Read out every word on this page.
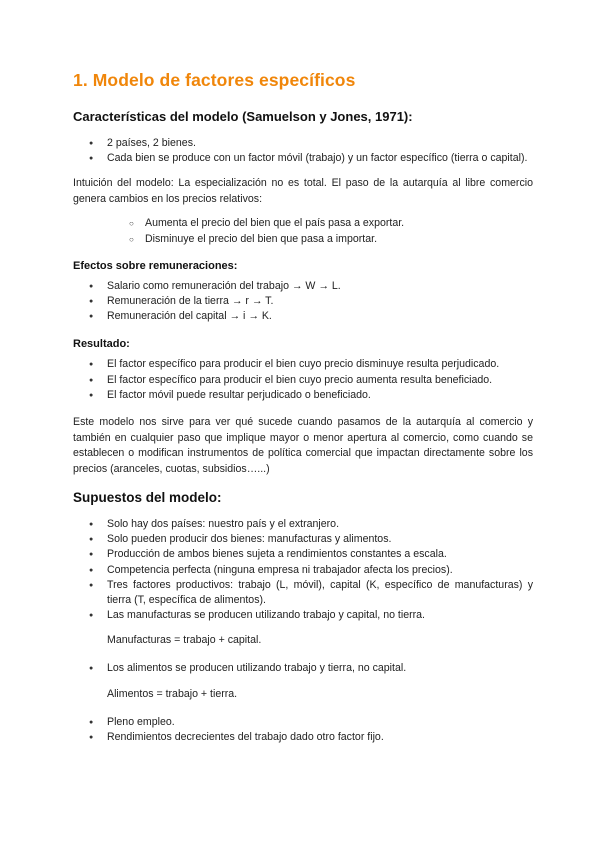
1. Modelo de factores específicos
Características del modelo (Samuelson y Jones, 1971):
● 2 países, 2 bienes.
● Cada bien se produce con un factor móvil (trabajo) y un factor específico (tierra o capital).

Intuición del modelo: La especialización no es total. El paso de la autarquía al libre comercio genera cambios en los precios relativos:

○ Aumenta el precio del bien que el país pasa a exportar.
○ Disminuye el precio del bien que pasa a importar.
Efectos sobre remuneraciones:
● Salario como remuneración del trabajo → W → L.
● Remuneración de la tierra → r → T.
● Remuneración del capital → i → K.
Resultado:
● El factor específico para producir el bien cuyo precio disminuye resulta perjudicado.
● El factor específico para producir el bien cuyo precio aumenta resulta beneficiado.
● El factor móvil puede resultar perjudicado o beneficiado.

Este modelo nos sirve para ver qué sucede cuando pasamos de la autarquía al comercio y también en cualquier paso que implique mayor o menor apertura al comercio, como cuando se establecen o modifican instrumentos de política comercial que impactan directamente sobre los precios (aranceles, cuotas, subsidios…...)

Supuestos del modelo:
● Solo hay dos países: nuestro país y el extranjero.
● Solo pueden producir dos bienes: manufacturas y alimentos.
● Producción de ambos bienes sujeta a rendimientos constantes a escala.
● Competencia perfecta (ninguna empresa ni trabajador afecta los precios).
● Tres factores productivos: trabajo (L, móvil), capital (K, específico de manufacturas) y tierra (T, específica de alimentos).
● Las manufacturas se producen utilizando trabajo y capital, no tierra.
Manufacturas = trabajo + capital.
● Los alimentos se producen utilizando trabajo y tierra, no capital.
Alimentos = trabajo + tierra.
● Pleno empleo.
● Rendimientos decrecientes del trabajo dado otro factor fijo.
